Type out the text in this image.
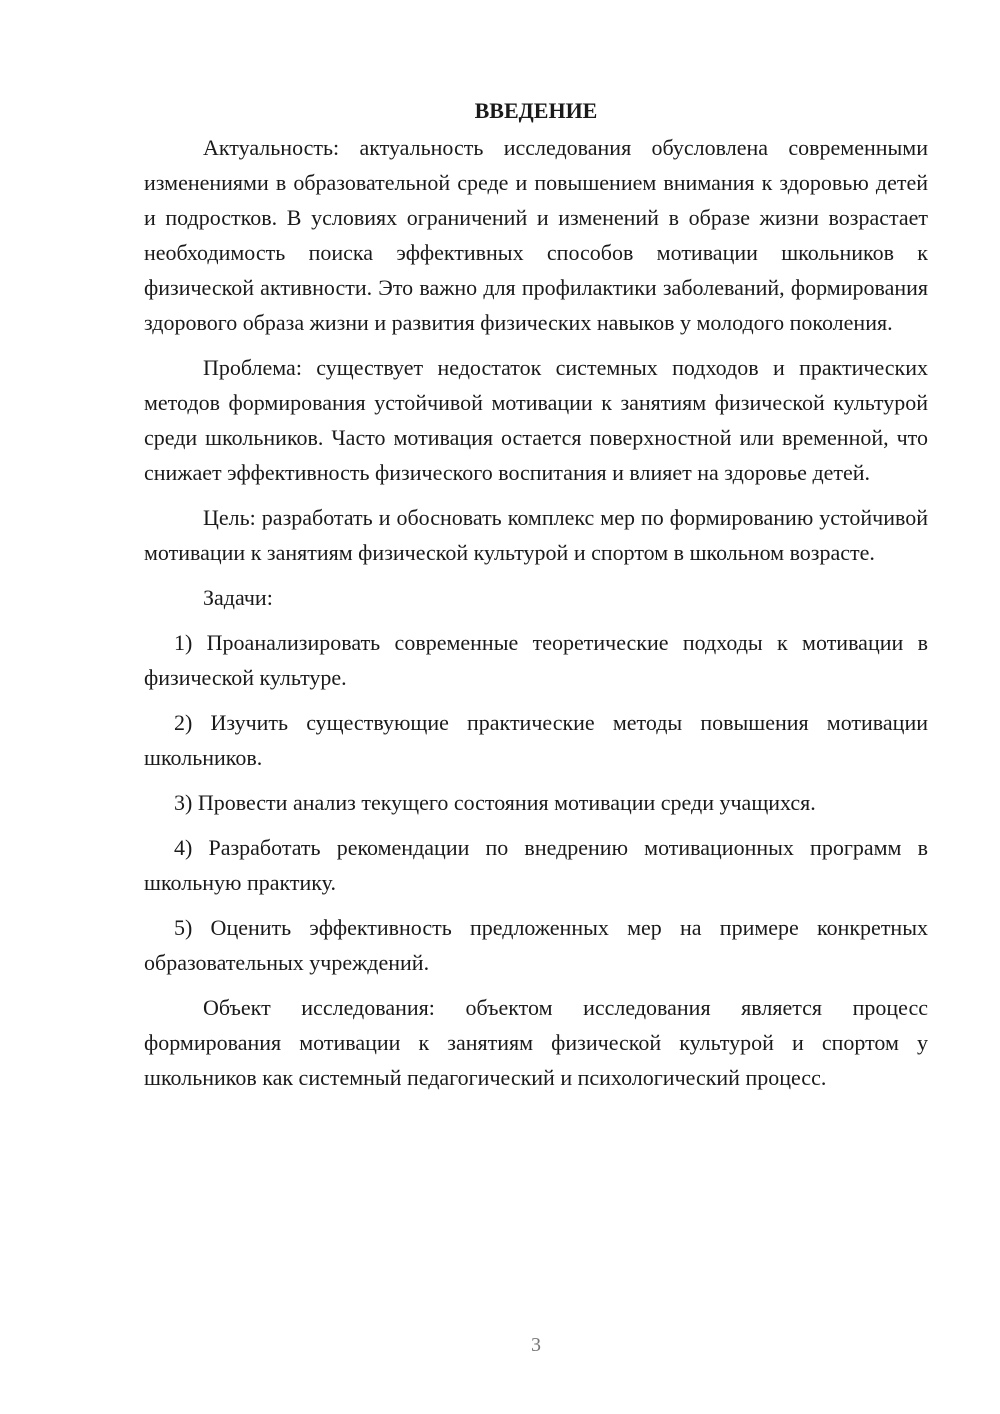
ВВЕДЕНИЕ

Актуальность: актуальность исследования обусловлена современными изменениями в образовательной среде и повышением внимания к здоровью детей и подростков. В условиях ограничений и изменений в образе жизни возрастает необходимость поиска эффективных способов мотивации школьников к физической активности. Это важно для профилактики заболеваний, формирования здорового образа жизни и развития физических навыков у молодого поколения.

Проблема: существует недостаток системных подходов и практических методов формирования устойчивой мотивации к занятиям физической культурой среди школьников. Часто мотивация остается поверхностной или временной, что снижает эффективность физического воспитания и влияет на здоровье детей.

Цель: разработать и обосновать комплекс мер по формированию устойчивой мотивации к занятиям физической культурой и спортом в школьном возрасте.

Задачи:

1) Проанализировать современные теоретические подходы к мотивации в физической культуре.

2) Изучить существующие практические методы повышения мотивации школьников.

3) Провести анализ текущего состояния мотивации среди учащихся.

4) Разработать рекомендации по внедрению мотивационных программ в школьную практику.

5) Оценить эффективность предложенных мер на примере конкретных образовательных учреждений.

Объект исследования: объектом исследования является процесс формирования мотивации к занятиям физической культурой и спортом у школьников как системный педагогический и психологический процесс.

3
